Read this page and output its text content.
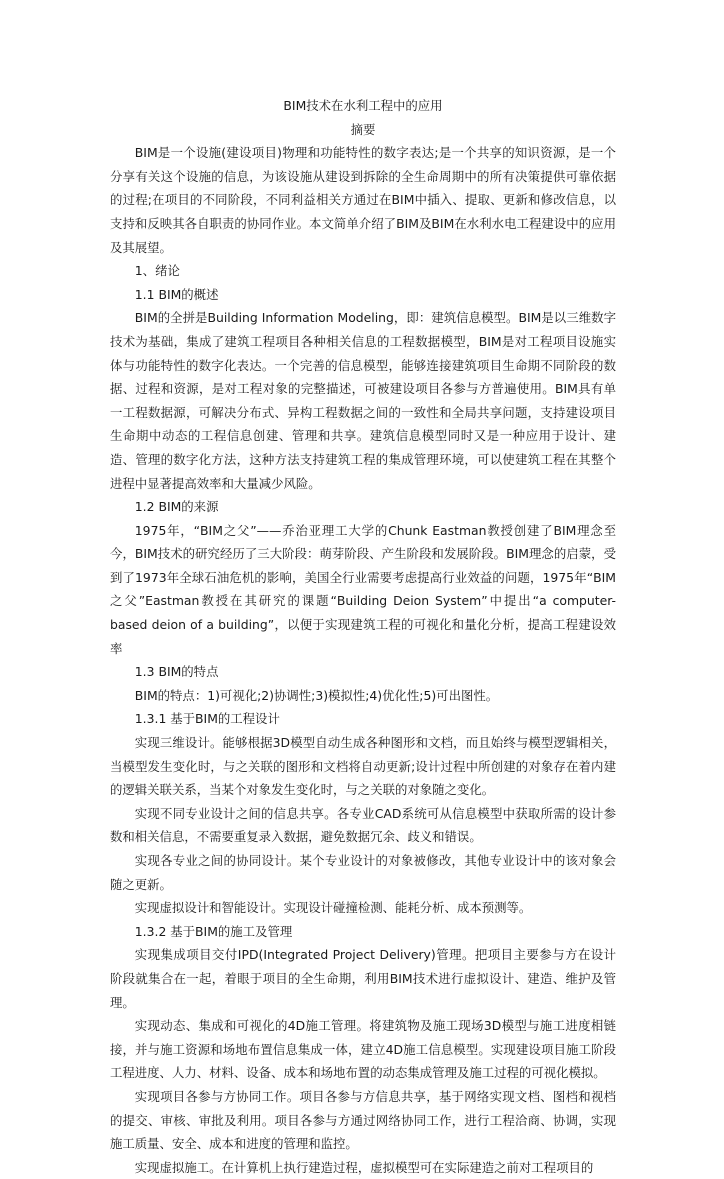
BIM技术在水利工程中的应用

摘要

BIM是一个设施(建设项目)物理和功能特性的数字表达;是一个共享的知识资源，是一个分享有关这个设施的信息，为该设施从建设到拆除的全生命周期中的所有决策提供可靠依据的过程;在项目的不同阶段，不同利益相关方通过在BIM中插入、提取、更新和修改信息，以支持和反映其各自职责的协同作业。本文简单介绍了BIM及BIM在水利水电工程建设中的应用及其展望。

1、绪论

1.1 BIM的概述

BIM的全拼是Building Information Modeling，即：建筑信息模型。BIM是以三维数字技术为基础，集成了建筑工程项目各种相关信息的工程数据模型，BIM是对工程项目设施实体与功能特性的数字化表达。一个完善的信息模型，能够连接建筑项目生命期不同阶段的数据、过程和资源，是对工程对象的完整描述，可被建设项目各参与方普遍使用。BIM具有单一工程数据源，可解决分布式、异构工程数据之间的一致性和全局共享问题，支持建设项目生命期中动态的工程信息创建、管理和共享。建筑信息模型同时又是一种应用于设计、建造、管理的数字化方法，这种方法支持建筑工程的集成管理环境，可以使建筑工程在其整个进程中显著提高效率和大量减少风险。

1.2 BIM的来源

1975年，“BIM之父”——乔治亚理工大学的Chunk Eastman教授创建了BIM理念至今，BIM技术的研究经历了三大阶段：萌芽阶段、产生阶段和发展阶段。BIM理念的启蒙，受到了1973年全球石油危机的影响，美国全行业需要考虑提高行业效益的问题，1975年“BIM之父”Eastman教授在其研究的课题“Building Deion System”中提出“a computer-based deion of a building”，以便于实现建筑工程的可视化和量化分析，提高工程建设效率

1.3 BIM的特点

BIM的特点：1)可视化;2)协调性;3)模拟性;4)优化性;5)可出图性。

1.3.1 基于BIM的工程设计

实现三维设计。能够根据3D模型自动生成各种图形和文档，而且始终与模型逻辑相关，当模型发生变化时，与之关联的图形和文档将自动更新;设计过程中所创建的对象存在着内建的逻辑关联关系，当某个对象发生变化时，与之关联的对象随之变化。

实现不同专业设计之间的信息共享。各专业CAD系统可从信息模型中获取所需的设计参数和相关信息，不需要重复录入数据，避免数据冗余、歧义和错误。

实现各专业之间的协同设计。某个专业设计的对象被修改，其他专业设计中的该对象会随之更新。

实现虚拟设计和智能设计。实现设计碰撞检测、能耗分析、成本预测等。

1.3.2 基于BIM的施工及管理

实现集成项目交付IPD(Integrated Project Delivery)管理。把项目主要参与方在设计阶段就集合在一起，着眼于项目的全生命期，利用BIM技术进行虚拟设计、建造、维护及管理。

实现动态、集成和可视化的4D施工管理。将建筑物及施工现场3D模型与施工进度相链接，并与施工资源和场地布置信息集成一体，建立4D施工信息模型。实现建设项目施工阶段工程进度、人力、材料、设备、成本和场地布置的动态集成管理及施工过程的可视化模拟。

实现项目各参与方协同工作。项目各参与方信息共享，基于网络实现文档、图档和视档的提交、审核、审批及利用。项目各参与方通过网络协同工作，进行工程洽商、协调，实现施工质量、安全、成本和进度的管理和监控。

实现虚拟施工。在计算机上执行建造过程，虚拟模型可在实际建造之前对工程项目的
